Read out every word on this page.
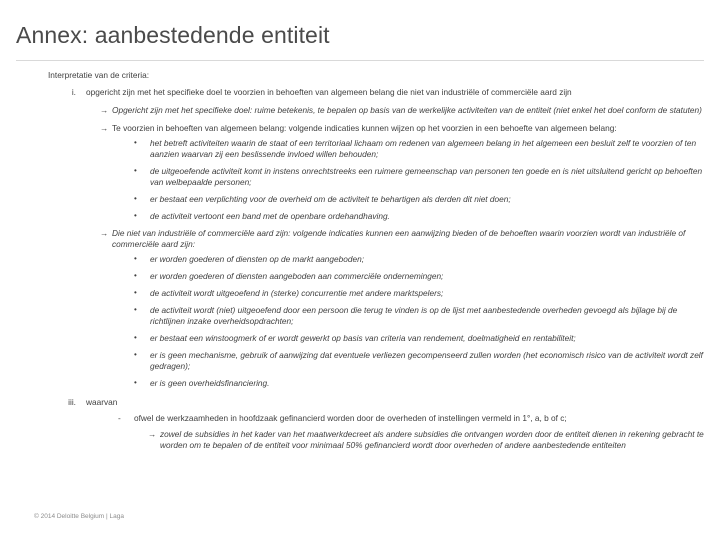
Annex: aanbestedende entiteit
Interpretatie van de criteria:
i.	opgericht zijn met het specifieke doel te voorzien in behoeften van algemeen belang die niet van industriële of commerciële aard zijn
→ Opgericht zijn met het specifieke doel: ruime betekenis, te bepalen op basis van de werkelijke activiteiten van de entiteit (niet enkel het doel conform de statuten)
→ Te voorzien in behoeften van algemeen belang: volgende indicaties kunnen wijzen op het voorzien in een behoefte van algemeen belang:
•	het betreft activiteiten waarin de staat of een territoriaal lichaam om redenen van algemeen belang in het algemeen een besluit zelf te voorzien of ten aanzien waarvan zij een beslissende invloed willen behouden;
•	de uitgeoefende activiteit komt in instens onrechtstreeks een ruimere gemeenschap van personen ten goede en is niet uitsluitend gericht op behoeften van welbepaalde personen;
•	er bestaat een verplichting voor de overheid om de activiteit te behartigen als derden dit niet doen;
•	de activiteit vertoont een band met de openbare ordehandhaving.
→ Die niet van industriële of commerciële aard zijn: volgende indicaties kunnen een aanwijzing bieden of de behoeften waarin voorzien wordt van industriële of commerciële aard zijn:
•	er worden goederen of diensten op de markt aangeboden;
•	er worden goederen of diensten aangeboden aan commerciële ondernemingen;
•	de activiteit wordt uitgeoefend in (sterke) concurrentie met andere marktspelers;
•	de activiteit wordt (niet) uitgeoefend door een persoon die terug te vinden is op de lijst met aanbestedende overheden gevoegd als bijlage bij de richtlijnen inzake overheidsopdrachten;
•	er bestaat een winstoogmerk of er wordt gewerkt op basis van criteria van rendement, doelmatigheid en rentabiliteit;
•	er is geen mechanisme, gebruik of aanwijzing dat eventuele verliezen gecompenseerd zullen worden (het economisch risico van de activiteit wordt zelf gedragen);
•	er is geen overheidsfinanciering.
iii.	waarvan
-	ofwel de werkzaamheden in hoofdzaak gefinancierd worden door de overheden of instellingen vermeld in 1°, a, b of c;
→ zowel de subsidies in het kader van het maatwerkdecreet als andere subsidies die ontvangen worden door de entiteit dienen in rekening gebracht te worden om te bepalen of de entiteit voor minimaal 50% gefinancierd wordt door overheden of andere aanbestedende entiteiten
© 2014 Deloitte Belgium | Laga
